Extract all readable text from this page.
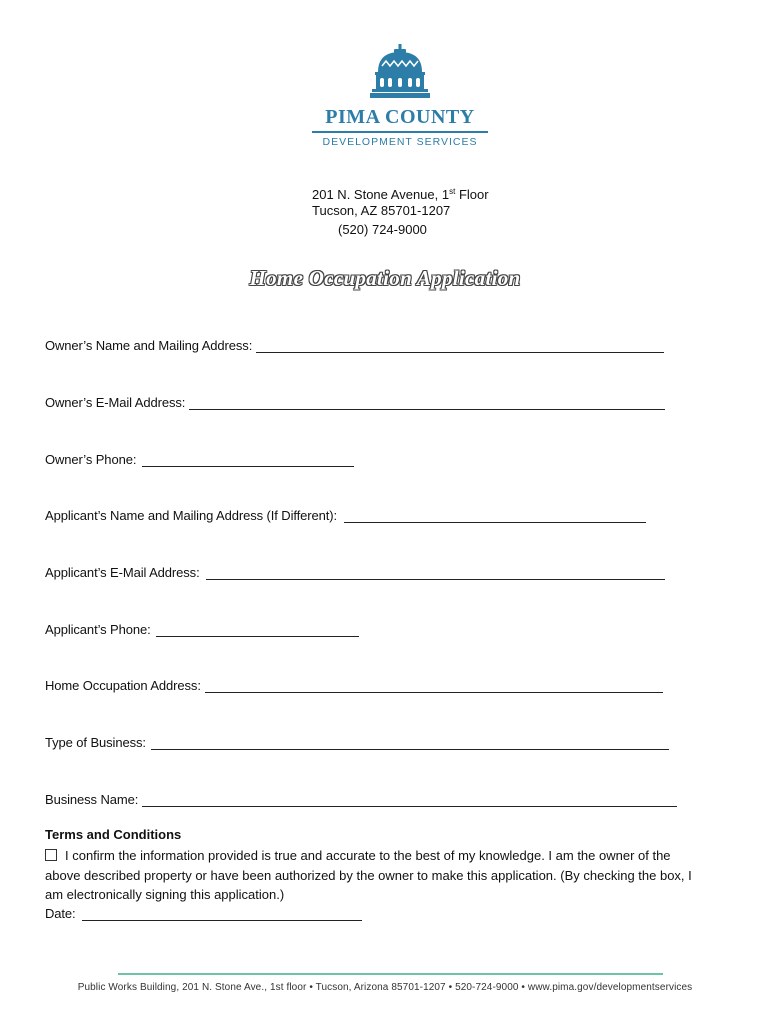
PIMA COUNTY
DEVELOPMENT SERVICES
201 N. Stone Avenue, 1st Floor
Tucson, AZ 85701-1207
(520) 724-9000
Home Occupation Application
Owner’s Name and Mailing Address:
Owner’s E-Mail Address:
Owner’s Phone:
Applicant’s Name and Mailing Address (If Different):
Applicant’s E-Mail Address:
Applicant’s Phone:
Home Occupation Address:
Type of Business:
Business Name:
Terms and Conditions
I confirm the information provided is true and accurate to the best of my knowledge. I am the owner of the above described property or have been authorized by the owner to make this application. (By checking the box, I am electronically signing this application.)
Date:
Public Works Building, 201 N. Stone Ave., 1st floor • Tucson, Arizona 85701-1207 • 520-724-9000 • www.pima.gov/developmentservices
